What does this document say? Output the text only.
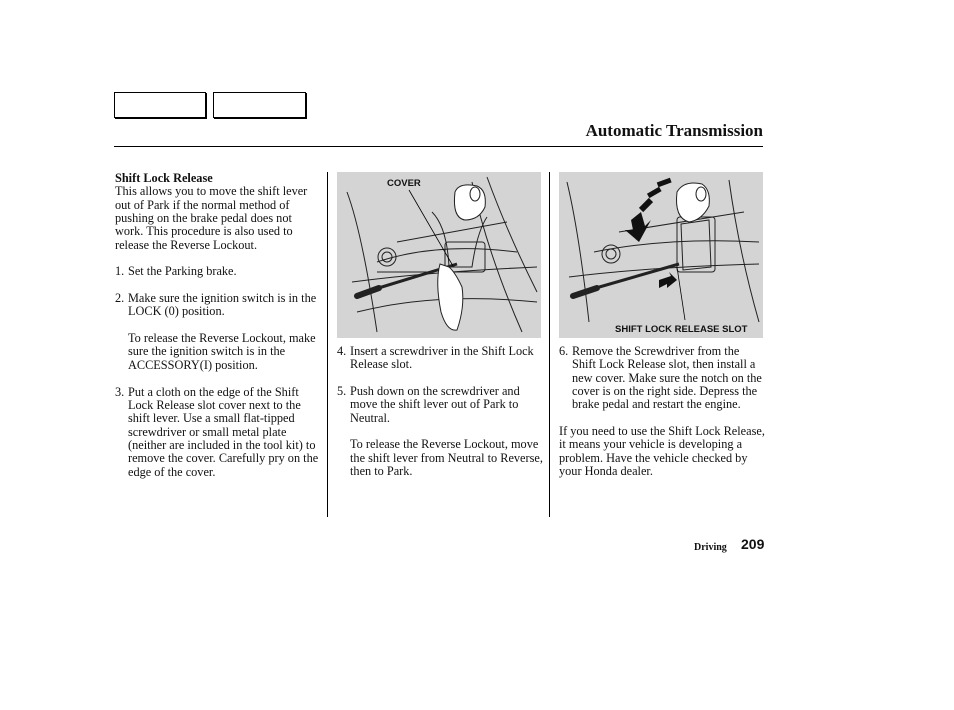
Automatic Transmission

Shift Lock Release

This allows you to move the shift lever out of Park if the normal method of pushing on the brake pedal does not work. This procedure is also used to release the Reverse Lockout.

1. Set the Parking brake.

2. Make sure the ignition switch is in the LOCK (0) position.

To release the Reverse Lockout, make sure the ignition switch is in the ACCESSORY(I) position.

3. Put a cloth on the edge of the Shift Lock Release slot cover next to the shift lever. Use a small flat-tipped screwdriver or small metal plate (neither are included in the tool kit) to remove the cover. Carefully pry on the edge of the cover.

COVER
4. Insert a screwdriver in the Shift Lock Release slot.

5. Push down on the screwdriver and move the shift lever out of Park to Neutral.

To release the Reverse Lockout, move the shift lever from Neutral to Reverse, then to Park.

SHIFT LOCK RELEASE SLOT
6. Remove the Screwdriver from the Shift Lock Release slot, then install a new cover. Make sure the notch on the cover is on the right side. Depress the brake pedal and restart the engine.

If you need to use the Shift Lock Release, it means your vehicle is developing a problem. Have the vehicle checked by your Honda dealer.

Driving 209
